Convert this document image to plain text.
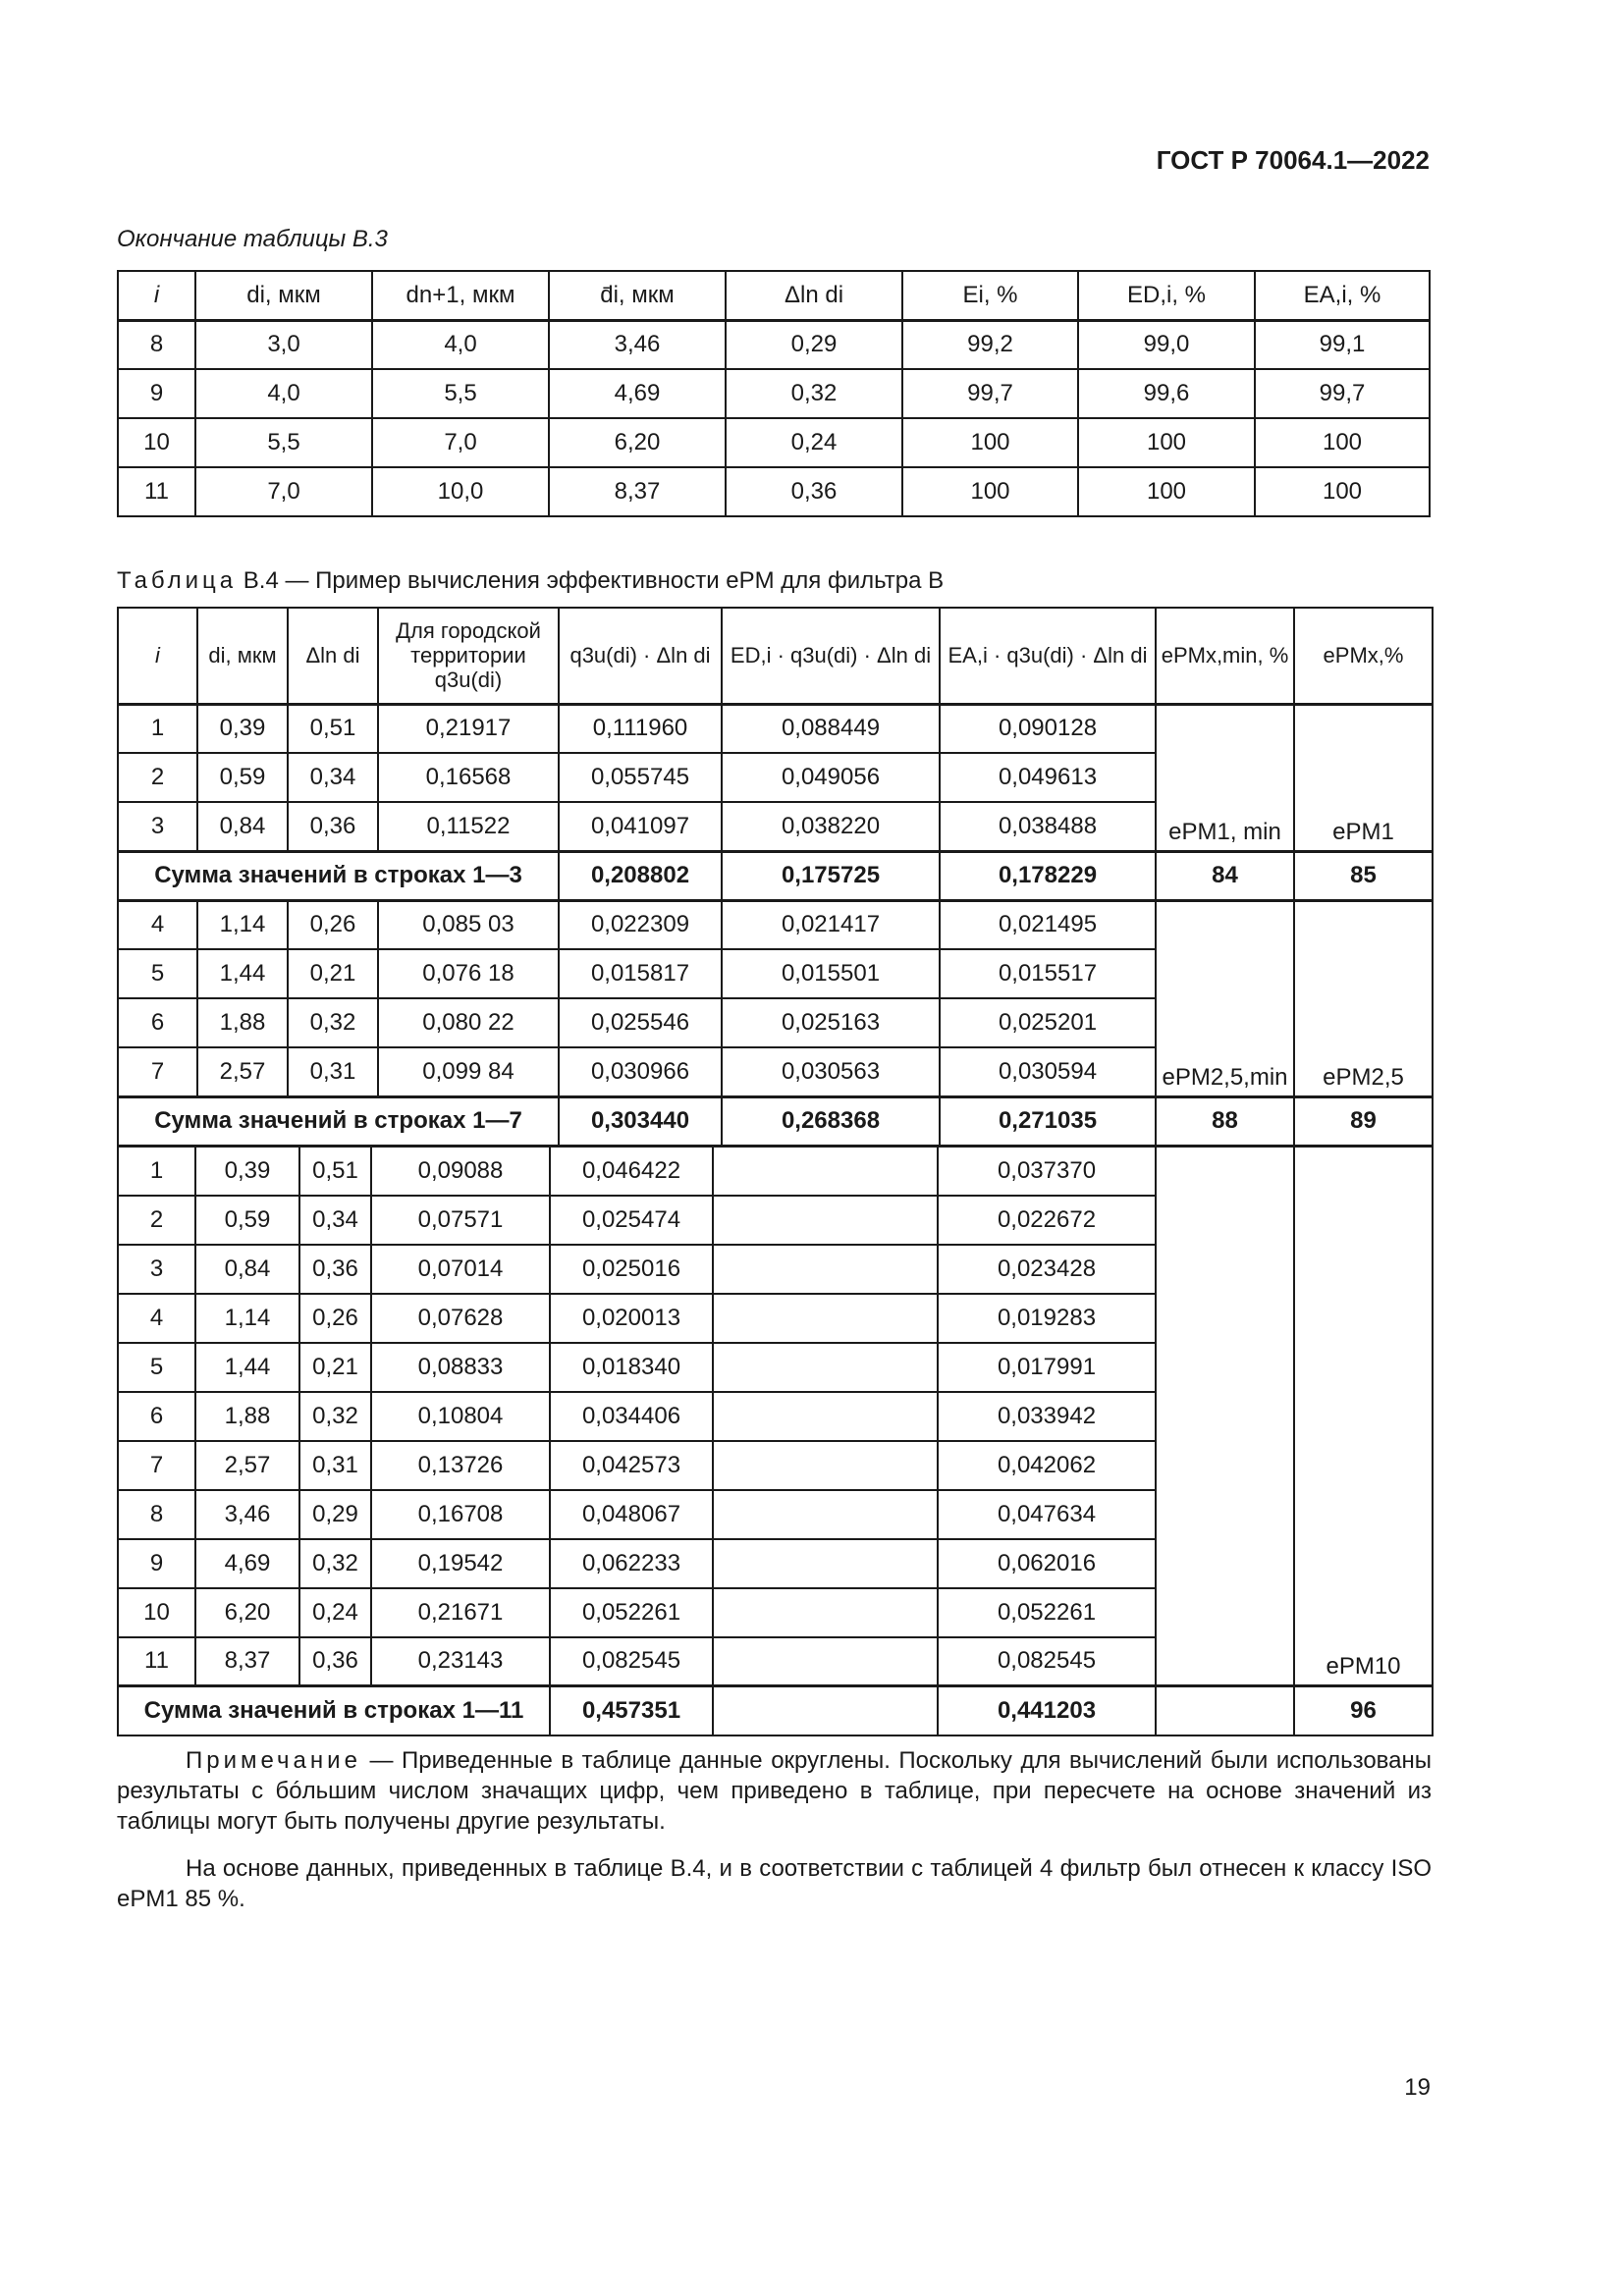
ГОСТ Р 70064.1—2022
Окончание таблицы В.3
i	di, мкм	dn+1, мкм	d̄i, мкм	Δln di	Ei, %	ED,i, %	EA,i, %
8	3,0	4,0	3,46	0,29	99,2	99,0	99,1
9	4,0	5,5	4,69	0,32	99,7	99,6	99,7
10	5,5	7,0	6,20	0,24	100	100	100
11	7,0	10,0	8,37	0,36	100	100	100
Таблица В.4 — Пример вычисления эффективности ePM для фильтра В
i	di, мкм	Δln di	Для городской территории q3u(di)	q3u(di) · Δln di	ED,i · q3u(di) · Δln di	EA,i · q3u(di) · Δln di	ePMx,min, %	ePMx,%
1	0,39	0,51	0,21917	0,111960	0,088449	0,090128	ePM1, min	ePM1
2	0,59	0,34	0,16568	0,055745	0,049056	0,049613		
3	0,84	0,36	0,11522	0,041097	0,038220	0,038488		
Сумма значений в строках 1—3				0,208802	0,175725	0,178229	84	85
4	1,14	0,26	0,085 03	0,022309	0,021417	0,021495	ePM2,5,min	ePM2,5
5	1,44	0,21	0,076 18	0,015817	0,015501	0,015517		
6	1,88	0,32	0,080 22	0,025546	0,025163	0,025201		
7	2,57	0,31	0,099 84	0,030966	0,030563	0,030594		
Сумма значений в строках 1—7				0,303440	0,268368	0,271035	88	89
1	0,39	0,51	0,09088	0,046422		0,037370		ePM10
2	0,59	0,34	0,07571	0,025474		0,022672		
3	0,84	0,36	0,07014	0,025016		0,023428		
4	1,14	0,26	0,07628	0,020013		0,019283		
5	1,44	0,21	0,08833	0,018340		0,017991		
6	1,88	0,32	0,10804	0,034406		0,033942		
7	2,57	0,31	0,13726	0,042573		0,042062		
8	3,46	0,29	0,16708	0,048067		0,047634		
9	4,69	0,32	0,19542	0,062233		0,062016		
10	6,20	0,24	0,21671	0,052261		0,052261		
11	8,37	0,36	0,23143	0,082545		0,082545		
Сумма значений в строках 1—11				0,457351		0,441203		96
Примечание — Приведенные в таблице данные округлены. Поскольку для вычислений были использованы результаты с бóльшим числом значащих цифр, чем приведено в таблице, при пересчете на основе значений из таблицы могут быть получены другие результаты.
На основе данных, приведенных в таблице В.4, и в соответствии с таблицей 4 фильтр был отнесен к классу ISO ePM1 85 %.
19
